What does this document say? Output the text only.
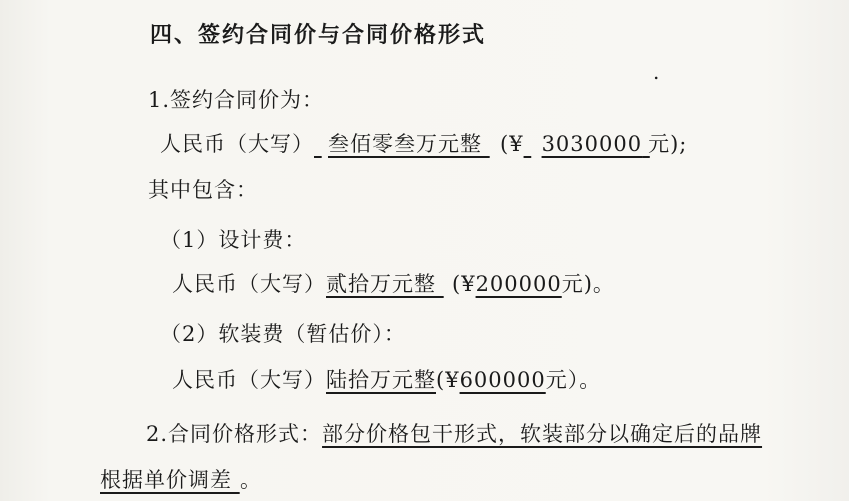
四、签约合同价与合同价格形式
.
1.签约合同价为：
人民币（大写） 叁佰零叁万元整 (¥ 3030000 元);
其中包含：
（1）设计费：
人民币（大写）贰拾万元整 (¥200000元)。
（2）软装费（暂估价）：
人民币（大写）陆拾万元整(¥600000元）。
2.合同价格形式：部分价格包干形式，软装部分以确定后的品牌
根据单价调差 。
